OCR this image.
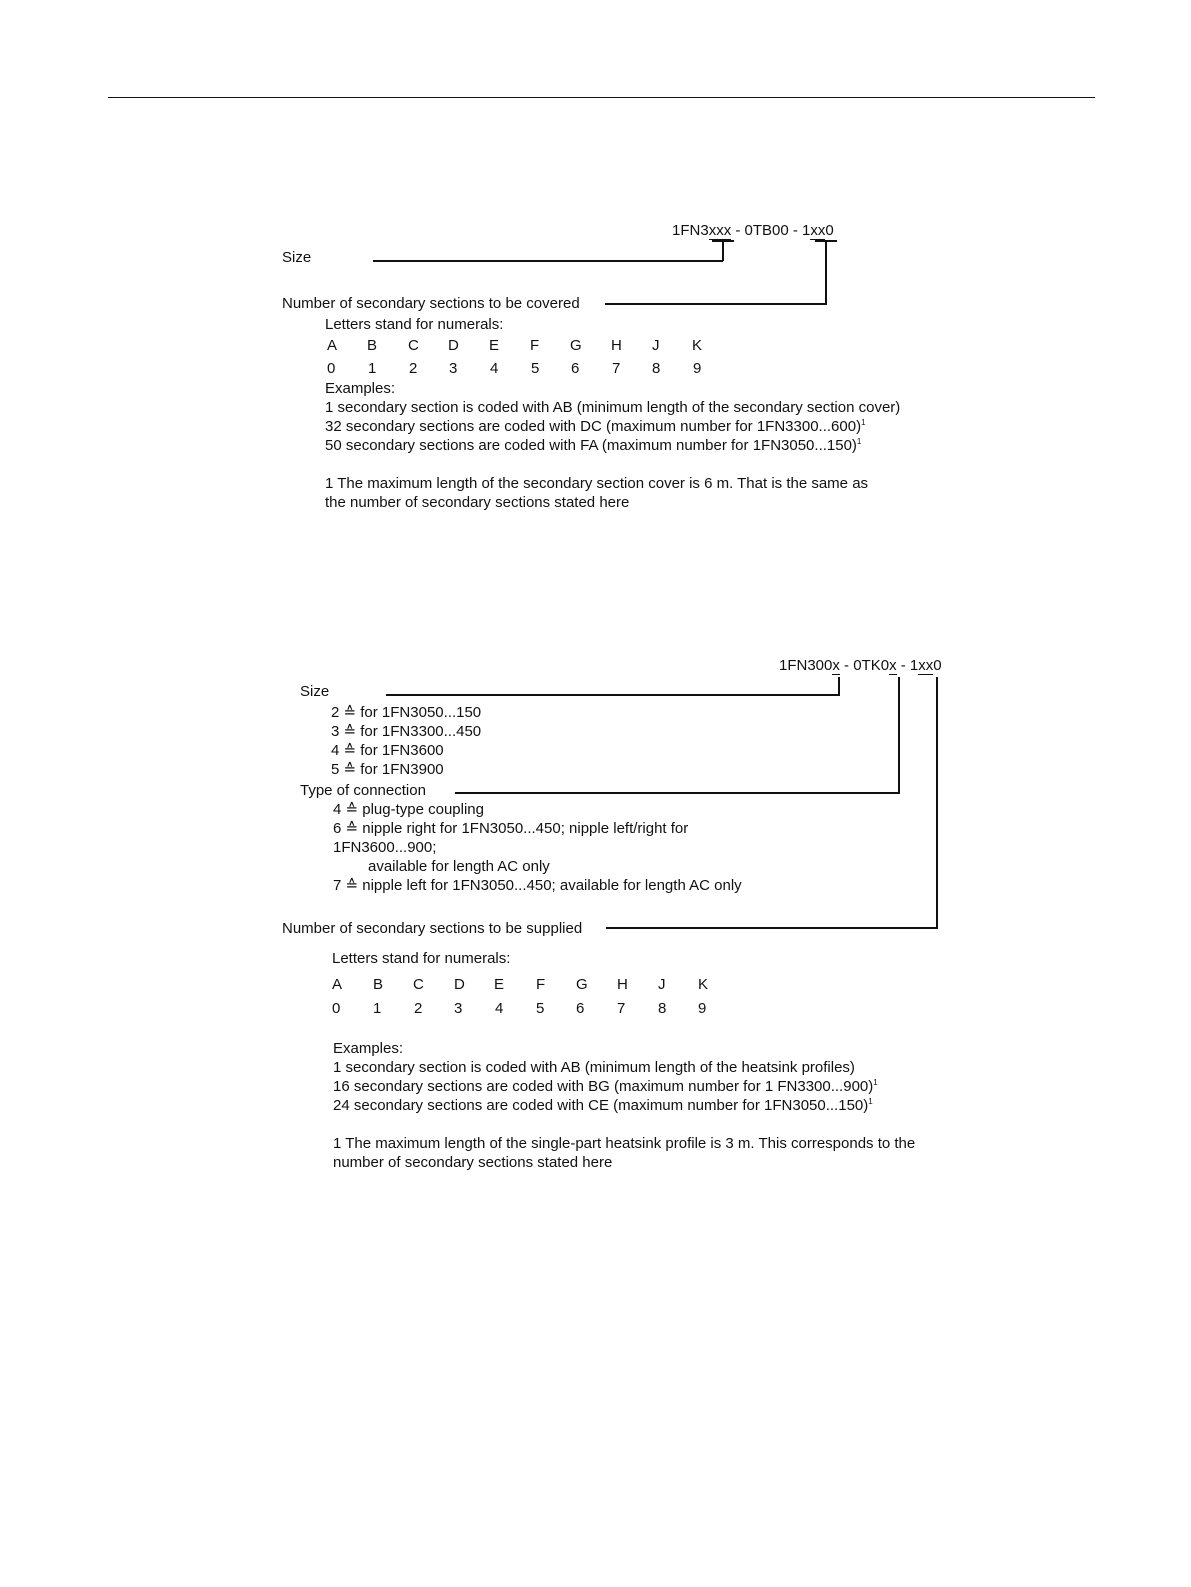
1FN3xxx - 0TB00 - 1xx0
Size
Number of secondary sections to be covered
Letters stand for numerals:
A B C D E F G H J K
0 1 2 3 4 5 6 7 8 9
Examples:
1 secondary section is coded with AB (minimum length of the secondary section cover)
32 secondary sections are coded with DC (maximum number for 1FN3300...600)$^1$
50 secondary sections are coded with FA (maximum number for 1FN3050...150)$^1$
1 The maximum length of the secondary section cover is 6 m. That is the same as
the number of secondary sections stated here
1FN300x - 0TK0x - 1xx0
Size
2 ≙ for 1FN3050...150
3 ≙ for 1FN3300...450
4 ≙ for 1FN3600
5 ≙ for 1FN3900
Type of connection
4 ≙ plug-type coupling
6 ≙ nipple right for 1FN3050...450; nipple left/right for
1FN3600...900;
available for length AC only
7 ≙ nipple left for 1FN3050...450; available for length AC only
Number of secondary sections to be supplied
Letters stand for numerals:
A B C D E F G H J K
0 1 2 3 4 5 6 7 8 9
Examples:
1 secondary section is coded with AB (minimum length of the heatsink profiles)
16 secondary sections are coded with BG (maximum number for 1 FN3300...900)$^1$
24 secondary sections are coded with CE (maximum number for 1FN3050...150)$^1$
1 The maximum length of the single-part heatsink profile is 3 m. This corresponds to the
number of secondary sections stated here
